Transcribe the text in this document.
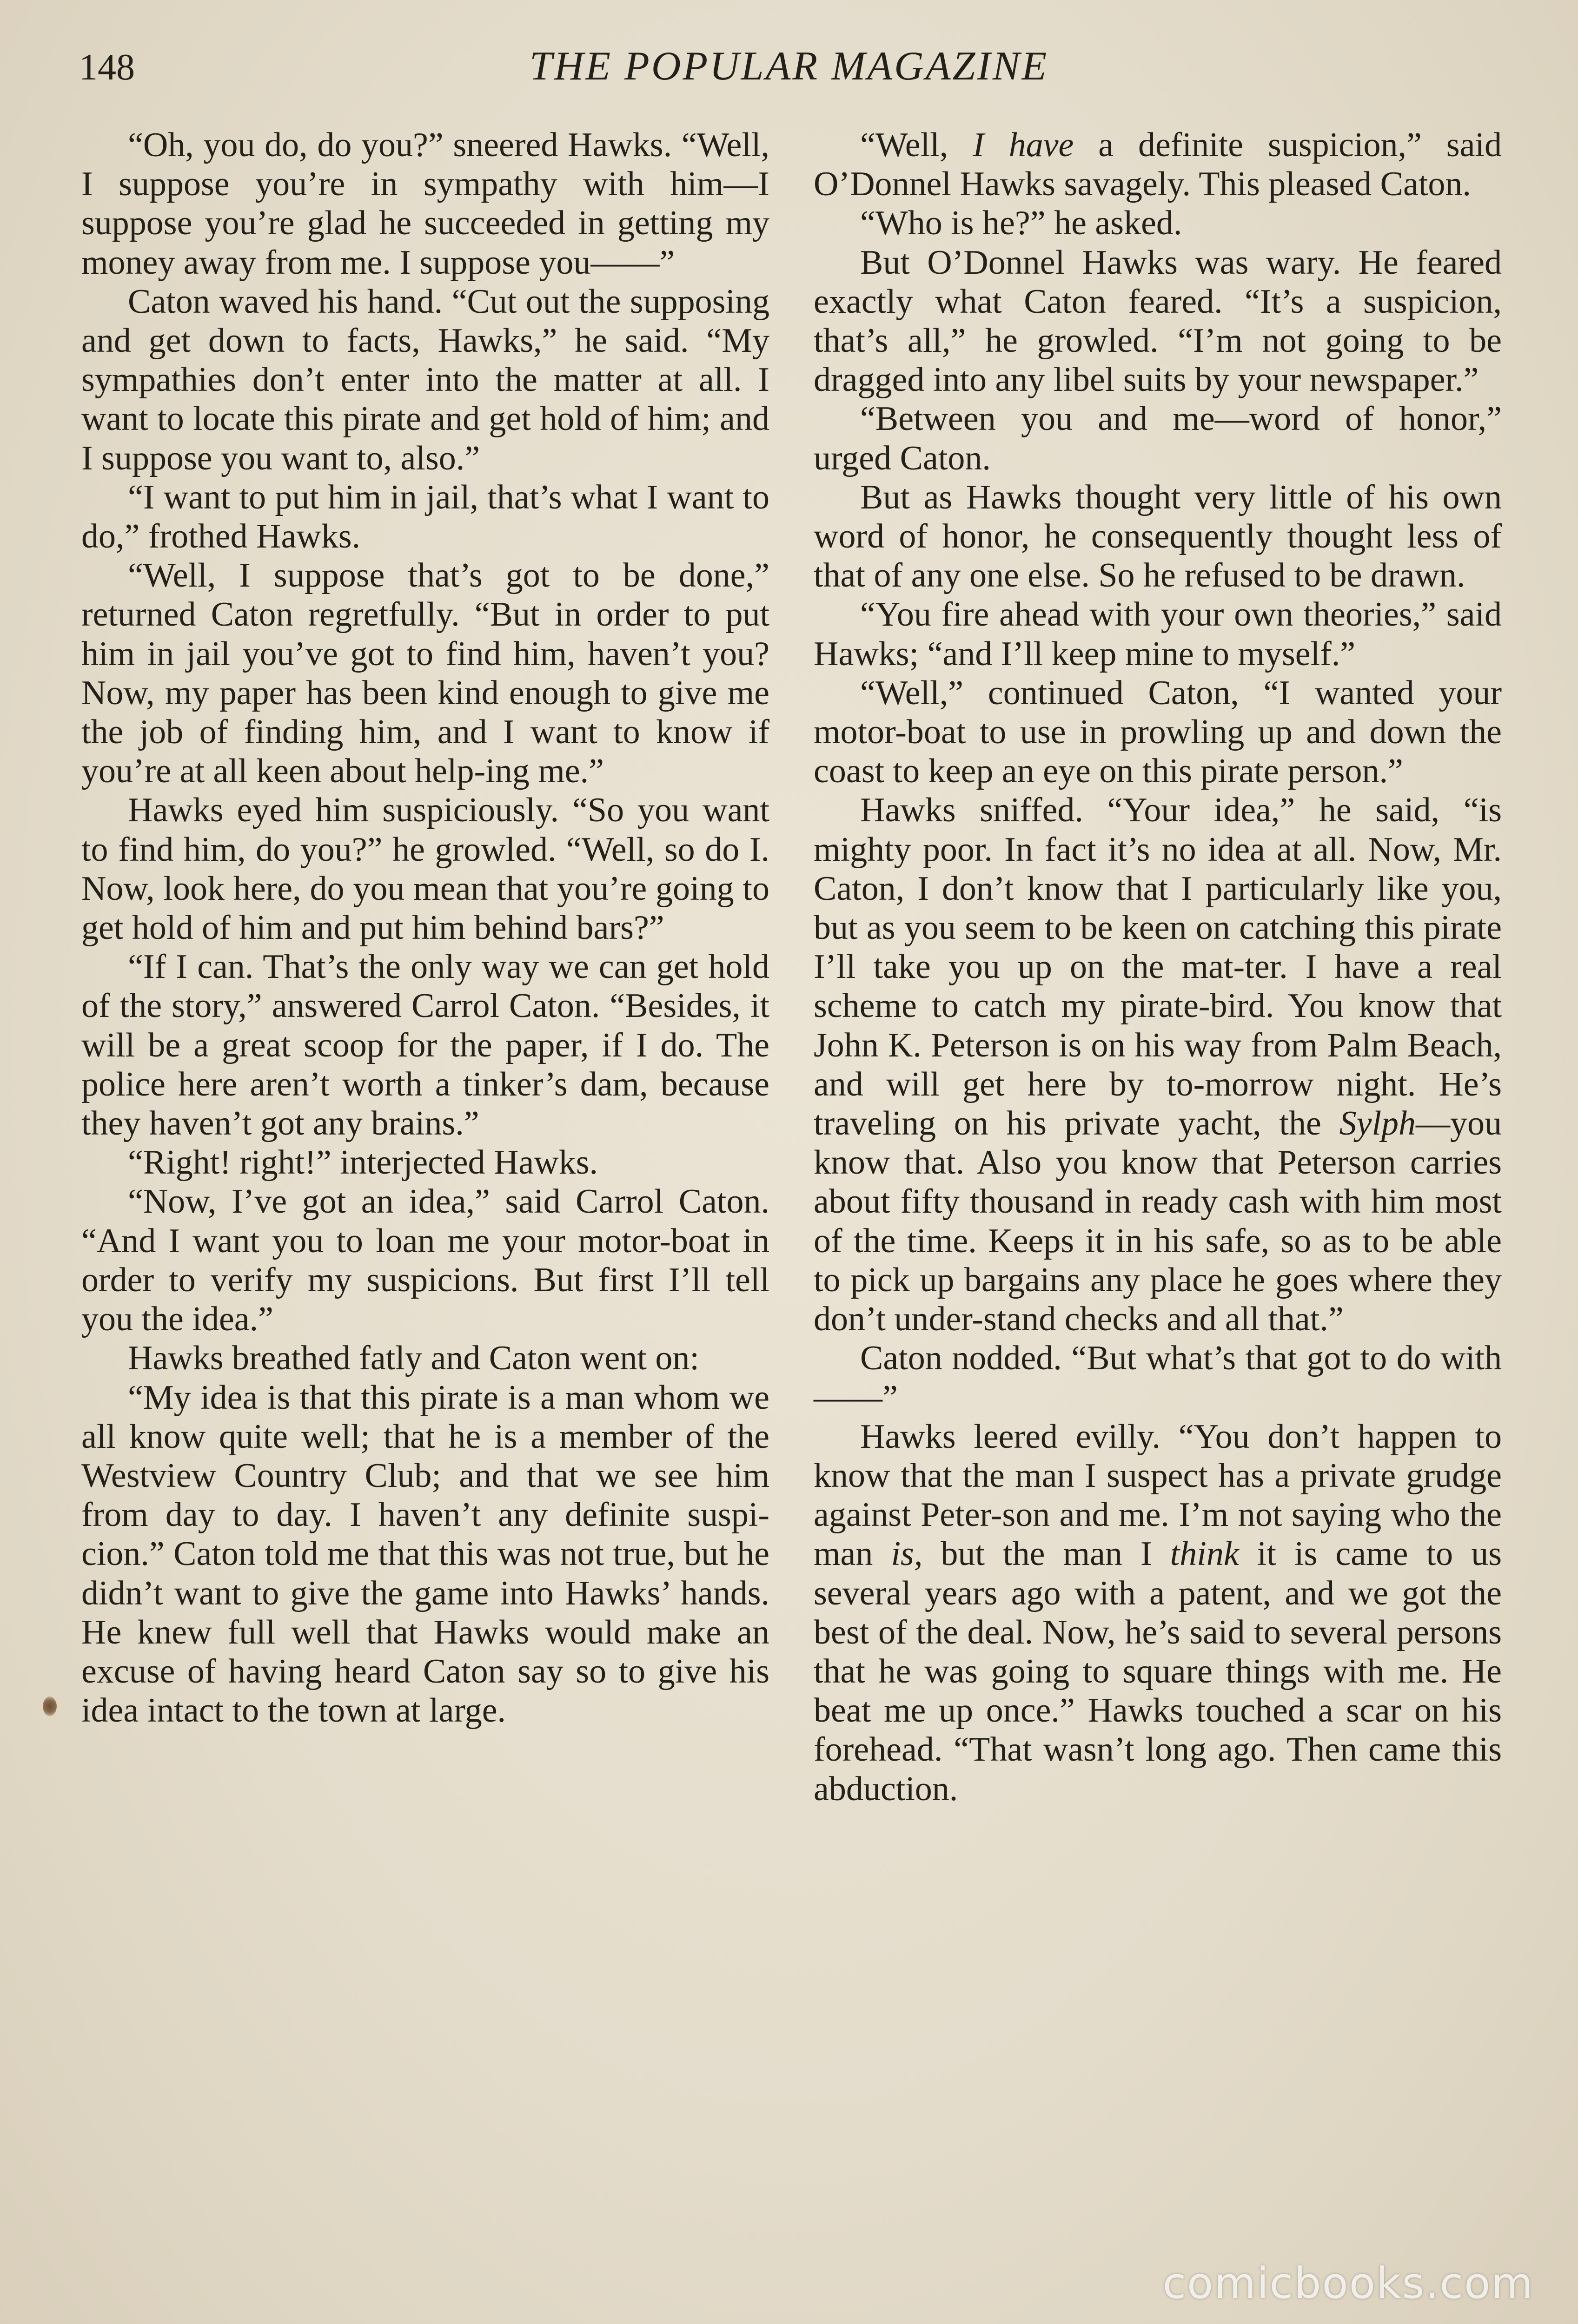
148	THE POPULAR MAGAZINE

“Oh, you do, do you?” sneered Hawks. “Well, I suppose you’re in sympathy with him—I suppose you’re glad he succeeded in getting my money away from me. I suppose you——”

Caton waved his hand. “Cut out the supposing and get down to facts, Hawks,” he said. “My sympathies don’t enter into the matter at all. I want to locate this pirate and get hold of him; and I suppose you want to, also.”

“I want to put him in jail, that’s what I want to do,” frothed Hawks.

“Well, I suppose that’s got to be done,” returned Caton regretfully. “But in order to put him in jail you’ve got to find him, haven’t you? Now, my paper has been kind enough to give me the job of finding him, and I want to know if you’re at all keen about help-ing me.”

Hawks eyed him suspiciously. “So you want to find him, do you?” he growled. “Well, so do I. Now, look here, do you mean that you’re going to get hold of him and put him behind bars?”

“If I can. That’s the only way we can get hold of the story,” answered Carrol Caton. “Besides, it will be a great scoop for the paper, if I do. The police here aren’t worth a tinker’s dam, because they haven’t got any brains.”

“Right! right!” interjected Hawks.

“Now, I’ve got an idea,” said Carrol Caton. “And I want you to loan me your motor-boat in order to verify my suspicions. But first I’ll tell you the idea.”

Hawks breathed fatly and Caton went on:

“My idea is that this pirate is a man whom we all know quite well; that he is a member of the Westview Country Club; and that we see him from day to day. I haven’t any definite suspi-cion.” Caton told me that this was not true, but he didn’t want to give the game into Hawks’ hands. He knew full well that Hawks would make an excuse of having heard Caton say so to give his idea intact to the town at large.

“Well, I have a definite suspicion,” said O’Donnel Hawks savagely. This pleased Caton.

“Who is he?” he asked.

But O’Donnel Hawks was wary. He feared exactly what Caton feared. “It’s a suspicion, that’s all,” he growled. “I’m not going to be dragged into any libel suits by your newspaper.”

“Between you and me—word of honor,” urged Caton.

But as Hawks thought very little of his own word of honor, he consequently thought less of that of any one else. So he refused to be drawn.

“You fire ahead with your own theories,” said Hawks; “and I’ll keep mine to myself.”

“Well,” continued Caton, “I wanted your motor-boat to use in prowling up and down the coast to keep an eye on this pirate person.”

Hawks sniffed. “Your idea,” he said, “is mighty poor. In fact it’s no idea at all. Now, Mr. Caton, I don’t know that I particularly like you, but as you seem to be keen on catching this pirate I’ll take you up on the mat-ter. I have a real scheme to catch my pirate-bird. You know that John K. Peterson is on his way from Palm Beach, and will get here by to-morrow night. He’s traveling on his private yacht, the Sylph—you know that. Also you know that Peterson carries about fifty thousand in ready cash with him most of the time. Keeps it in his safe, so as to be able to pick up bargains any place he goes where they don’t under-stand checks and all that.”

Caton nodded. “But what’s that got to do with——”

Hawks leered evilly. “You don’t happen to know that the man I suspect has a private grudge against Peter-son and me. I’m not saying who the man is, but the man I think it is came to us several years ago with a patent, and we got the best of the deal. Now, he’s said to several persons that he was going to square things with me. He beat me up once.” Hawks touched a scar on his forehead. “That wasn’t long ago. Then came this abduction.

comicbooks.com
